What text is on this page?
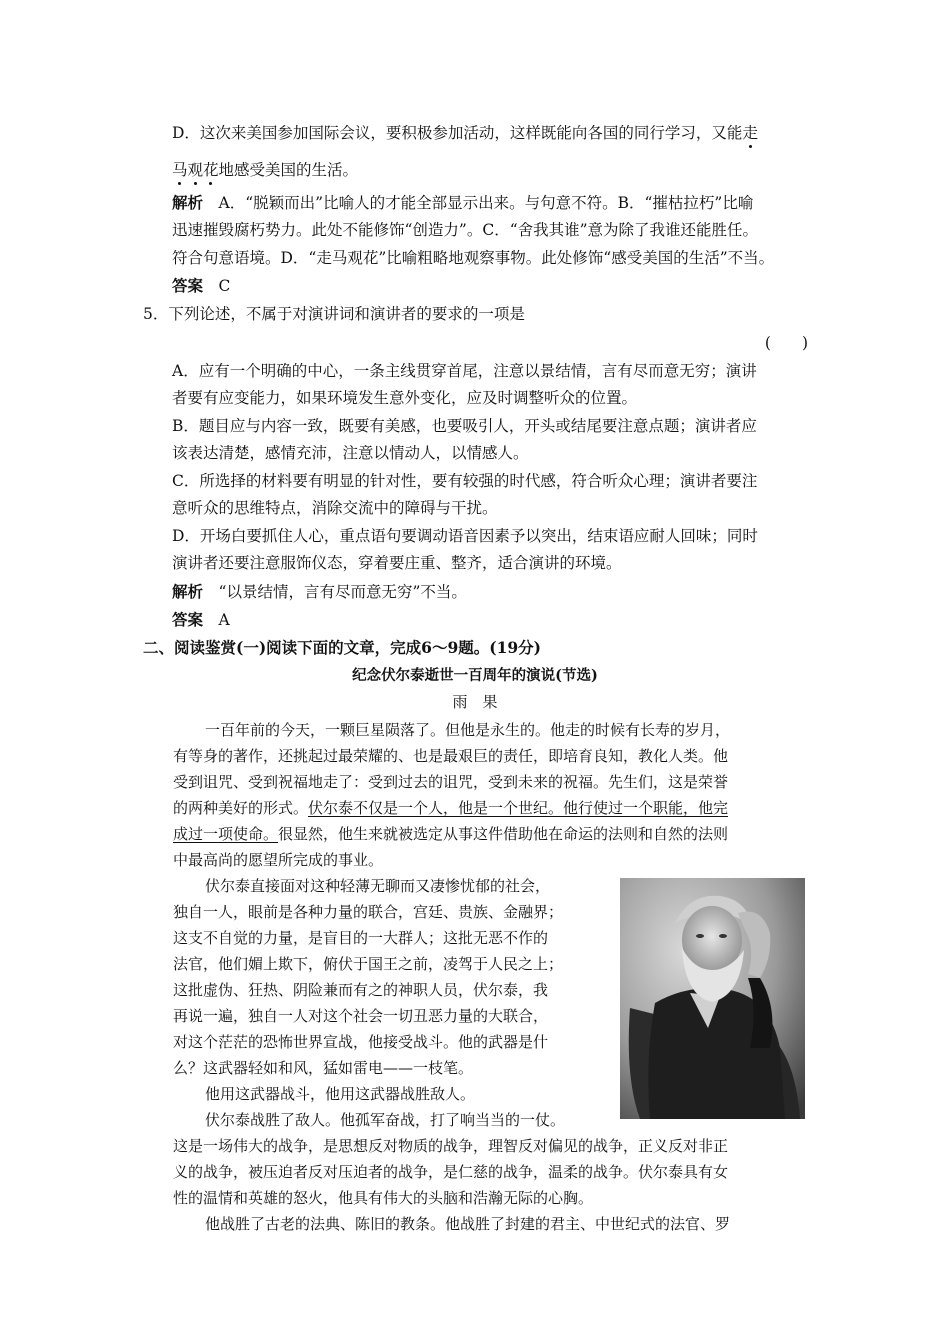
D．这次来美国参加国际会议，要积极参加活动，这样既能向各国的同行学习，又能走
马观花地感受美国的生活。
解析　 A．“脱颖而出”比喻人的才能全部显示出来。与句意不符。B．“摧枯拉朽”比喻
迅速摧毁腐朽势力。此处不能修饰“创造力”。C．“舍我其谁”意为除了我谁还能胜任。
符合句意语境。D．“走马观花”比喻粗略地观察事物。此处修饰“感受美国的生活”不当。
答案　 C
5．下列论述，不属于对演讲词和演讲者的要求的一项是
(　　)
A．应有一个明确的中心，一条主线贯穿首尾，注意以景结情，言有尽而意无穷；演讲
者要有应变能力，如果环境发生意外变化，应及时调整听众的位置。
B．题目应与内容一致，既要有美感，也要吸引人，开头或结尾要注意点题；演讲者应
该表达清楚，感情充沛，注意以情动人，以情感人。
C．所选择的材料要有明显的针对性，要有较强的时代感，符合听众心理；演讲者要注
意听众的思维特点，消除交流中的障碍与干扰。
D．开场白要抓住人心，重点语句要调动语音因素予以突出，结束语应耐人回味；同时
演讲者还要注意服饰仪态，穿着要庄重、整齐，适合演讲的环境。
解析　 “以景结情，言有尽而意无穷”不当。
答案　 A
二、阅读鉴赏(一)阅读下面的文章，完成6～9题。(19分)
纪念伏尔泰逝世一百周年的演说(节选)
雨　果
一百年前的今天，一颗巨星陨落了。但他是永生的。他走的时候有长寿的岁月，
有等身的著作，还挑起过最荣耀的、也是最艰巨的责任，即培育良知，教化人类。他
受到诅咒、受到祝福地走了：受到过去的诅咒，受到未来的祝福。先生们，这是荣誉
的两种美好的形式。伏尔泰不仅是一个人，他是一个世纪。他行使过一个职能，他完
成过一项使命。很显然，他生来就被选定从事这件借助他在命运的法则和自然的法则
中最高尚的愿望所完成的事业。
伏尔泰直接面对这种轻薄无聊而又凄惨忧郁的社会，
独自一人，眼前是各种力量的联合，宫廷、贵族、金融界；
这支不自觉的力量，是盲目的一大群人；这批无恶不作的
法官，他们媚上欺下，俯伏于国王之前，凌驾于人民之上；
这批虚伪、狂热、阴险兼而有之的神职人员，伏尔泰，我
再说一遍，独自一人对这个社会一切丑恶力量的大联合，
对这个茫茫的恐怖世界宣战，他接受战斗。他的武器是什
么？这武器轻如和风，猛如雷电——一枝笔。
他用这武器战斗，他用这武器战胜敌人。
伏尔泰战胜了敌人。他孤军奋战，打了响当当的一仗。
这是一场伟大的战争，是思想反对物质的战争，理智反对偏见的战争，正义反对非正
义的战争，被压迫者反对压迫者的战争，是仁慈的战争，温柔的战争。伏尔泰具有女
性的温情和英雄的怒火，他具有伟大的头脑和浩瀚无际的心胸。
他战胜了古老的法典、陈旧的教条。他战胜了封建的君主、中世纪式的法官、罗
